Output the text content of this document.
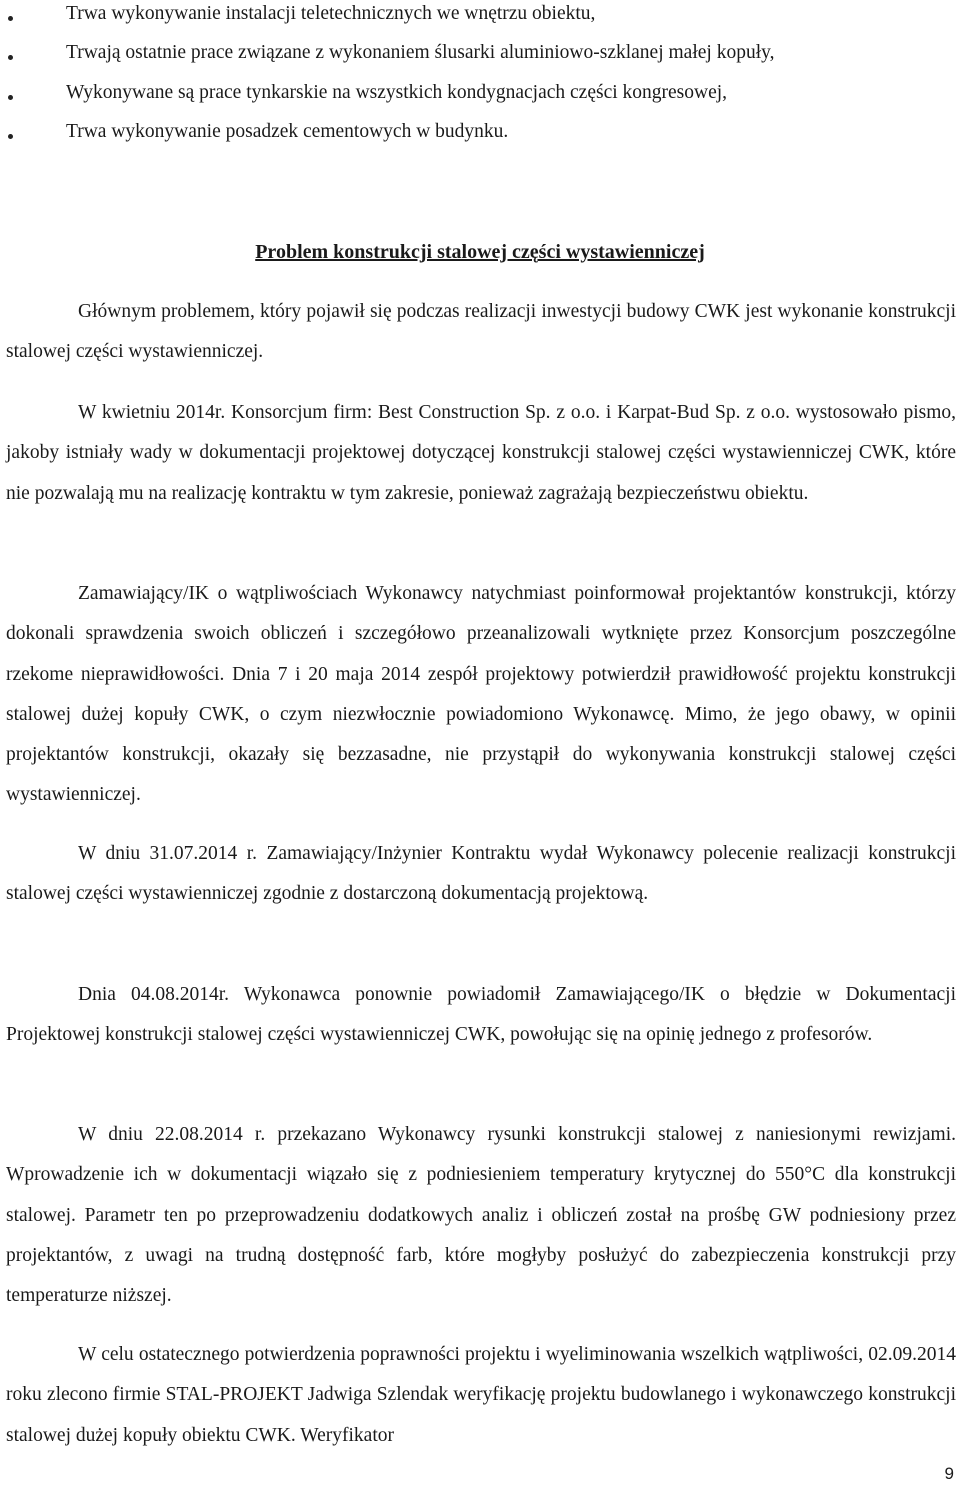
Trwa wykonywanie instalacji teletechnicznych we wnętrzu obiektu,
Trwają ostatnie prace związane z wykonaniem ślusarki aluminiowo-szklanej małej kopuły,
Wykonywane są prace tynkarskie na wszystkich kondygnacjach części kongresowej,
Trwa wykonywanie posadzek cementowych w budynku.
Problem konstrukcji stalowej części wystawienniczej

Głównym problemem, który pojawił się podczas realizacji inwestycji budowy CWK jest wykonanie konstrukcji stalowej części wystawienniczej.

W kwietniu 2014r. Konsorcjum firm: Best Construction Sp. z o.o. i Karpat-Bud Sp. z o.o. wystosowało pismo, jakoby istniały wady w dokumentacji projektowej dotyczącej konstrukcji stalowej części wystawienniczej CWK, które nie pozwalają mu na realizację kontraktu w tym zakresie, ponieważ zagrażają bezpieczeństwu obiektu.

Zamawiający/IK o wątpliwościach Wykonawcy natychmiast poinformował projektantów konstrukcji, którzy dokonali sprawdzenia swoich obliczeń i szczegółowo przeanalizowali wytknięte przez Konsorcjum poszczególne rzekome nieprawidłowości. Dnia 7 i 20 maja 2014 zespół projektowy potwierdził prawidłowość projektu konstrukcji stalowej dużej kopuły CWK, o czym niezwłocznie powiadomiono Wykonawcę. Mimo, że jego obawy, w opinii projektantów konstrukcji, okazały się bezzasadne, nie przystąpił do wykonywania konstrukcji stalowej części wystawienniczej.

W dniu 31.07.2014 r. Zamawiający/Inżynier Kontraktu wydał Wykonawcy polecenie realizacji konstrukcji stalowej części wystawienniczej zgodnie z dostarczoną dokumentacją projektową.

Dnia 04.08.2014r. Wykonawca ponownie powiadomił Zamawiającego/IK o błędzie w Dokumentacji Projektowej konstrukcji stalowej części wystawienniczej CWK, powołując się na opinię jednego z profesorów.

W dniu 22.08.2014 r. przekazano Wykonawcy rysunki konstrukcji stalowej z naniesionymi rewizjami. Wprowadzenie ich w dokumentacji wiązało się z podniesieniem temperatury krytycznej do 550°C dla konstrukcji stalowej. Parametr ten po przeprowadzeniu dodatkowych analiz i obliczeń został na prośbę GW podniesiony przez projektantów, z uwagi na trudną dostępność farb, które mogłyby posłużyć do zabezpieczenia konstrukcji przy temperaturze niższej.

W celu ostatecznego potwierdzenia poprawności projektu i wyeliminowania wszelkich wątpliwości, 02.09.2014 roku zlecono firmie STAL-PROJEKT Jadwiga Szlendak weryfikację projektu budowlanego i wykonawczego konstrukcji stalowej dużej kopuły obiektu CWK. Weryfikator

9
